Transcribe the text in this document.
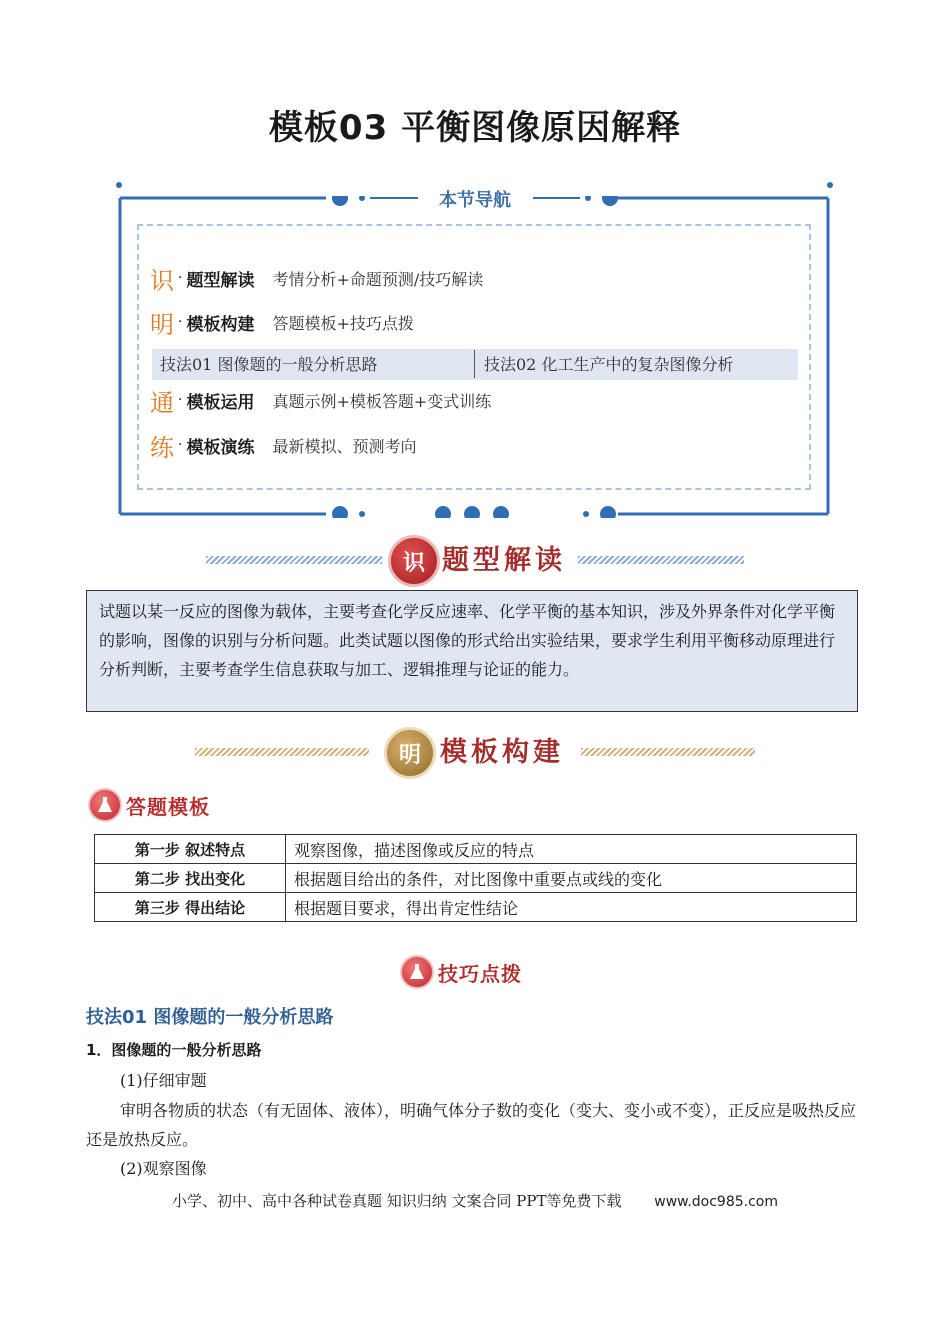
模板03 平衡图像原因解释
本节导航
识 · 题型解读 考情分析+命题预测/技巧解读
明 · 模板构建 答题模板+技巧点拨
技法01 图像题的一般分析思路	技法02 化工生产中的复杂图像分析
通 · 模板运用 真题示例+模板答题+变式训练
练 · 模板演练 最新模拟、预测考向
识 题型解读
试题以某一反应的图像为载体，主要考查化学反应速率、化学平衡的基本知识，涉及外界条件对化学平衡的影响，图像的识别与分析问题。此类试题以图像的形式给出实验结果，要求学生利用平衡移动原理进行分析判断，主要考查学生信息获取与加工、逻辑推理与论证的能力。
明 模板构建
答题模板
第一步 叙述特点	观察图像，描述图像或反应的特点
第二步 找出变化	根据题目给出的条件，对比图像中重要点或线的变化
第三步 得出结论	根据题目要求，得出肯定性结论
技巧点拨
技法01 图像题的一般分析思路
1．图像题的一般分析思路
(1)仔细审题
审明各物质的状态（有无固体、液体），明确气体分子数的变化（变大、变小或不变），正反应是吸热反应还是放热反应。
(2)观察图像
小学、初中、高中各种试卷真题 知识归纳 文案合同 PPT等免费下载 www.doc985.com
